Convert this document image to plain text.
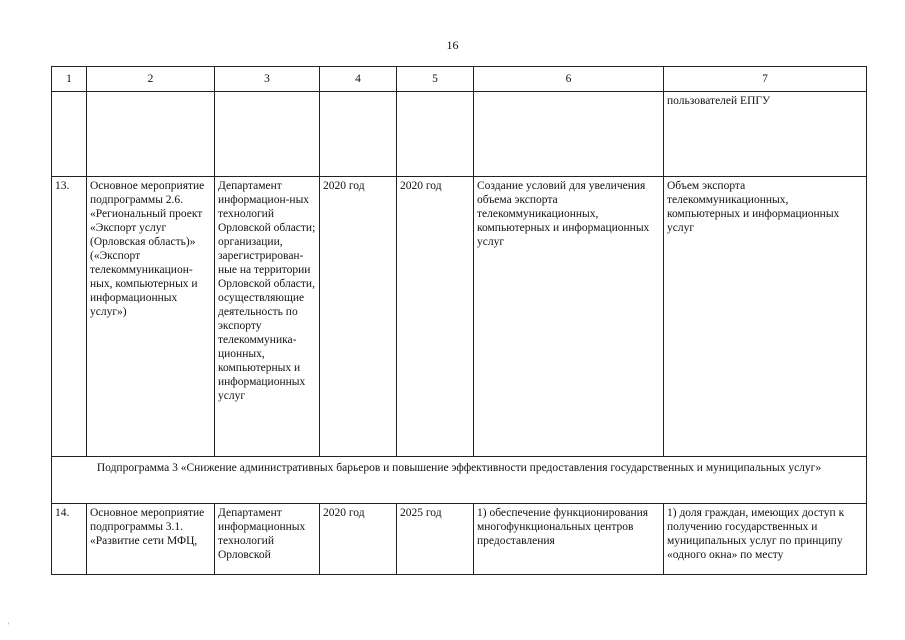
16
1	2	3	4	5	6	7
						пользователей ЕПГУ
13.	Основное мероприятие подпрограммы 2.6. «Региональный проект «Экспорт услуг (Орловская область)» («Экспорт телекоммуникацион-ных, компьютерных и информационных услуг»)	Департамент информацион-ных технологий Орловской области; организации, зарегистрирован-ные на территории Орловской области, осуществляющие деятельность по экспорту телекоммуника-ционных, компьютерных и информационных услуг	2020 год	2020 год	Создание условий для увеличения объема экспорта телекоммуникационных, компьютерных и информационных услуг	Объем экспорта телекоммуникационных, компьютерных и информационных услуг
Подпрограмма 3 «Снижение административных барьеров и повышение эффективности предоставления государственных и муниципальных услуг»						
14.	Основное мероприятие подпрограммы 3.1. «Развитие сети МФЦ,	Департамент информационных технологий Орловской	2020 год	2025 год	1) обеспечение функционирования многофункциональных центров предоставления	1) доля граждан, имеющих доступ к получению государственных и муниципальных услуг по принципу «одного окна» по месту
ʾ
